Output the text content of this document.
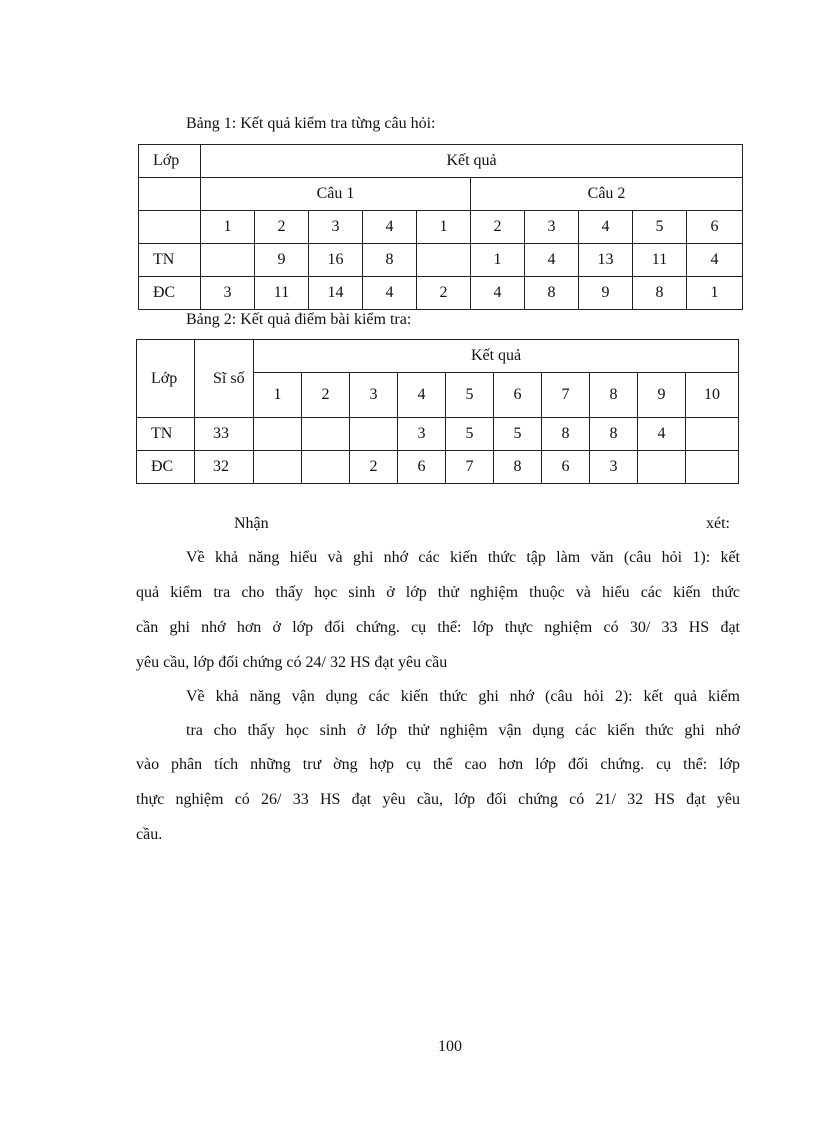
Bảng 1: Kết quả kiểm tra từng câu hỏi:
Lớp	Kết quả									
	Câu 1					Câu 2				
	1	2	3	4	1	2	3	4	5	6
TN		9	16	8		1	4	13	11	4
ĐC	3	11	14	4	2	4	8	9	8	1
Bảng 2: Kết quả điểm bài kiểm tra:
Lớp	Sĩ số	Kết quả									
		1	2	3	4	5	6	7	8	9	10
TN	33				3	5	5	8	8	4	
ĐC	32			2	6	7	8	6	3		
Nhận	xét:
Về khả năng hiểu và ghi nhớ các kiến thức tập làm văn (câu hỏi 1): kết
quả kiểm tra cho thấy học sinh ở lớp thử nghiệm thuộc và hiểu các kiến thức
cần ghi nhớ hơn ở lớp đối chứng. cụ thể: lớp thực nghiệm có 30/ 33 HS đạt
yêu cầu, lớp đối chứng có 24/ 32 HS đạt yêu cầu
Về khả năng vận dụng các kiến thức ghi nhớ (câu hỏi 2): kết quả kiểm
tra cho thấy học sinh ở lớp thử nghiệm vận dụng các kiến thức ghi nhớ
vào phân tích những trư ờng hợp cụ thể cao hơn lớp đối chứng. cụ thể: lớp
thực nghiệm có 26/ 33 HS đạt yêu cầu, lớp đối chứng có 21/ 32 HS đạt yêu
cầu.
100
